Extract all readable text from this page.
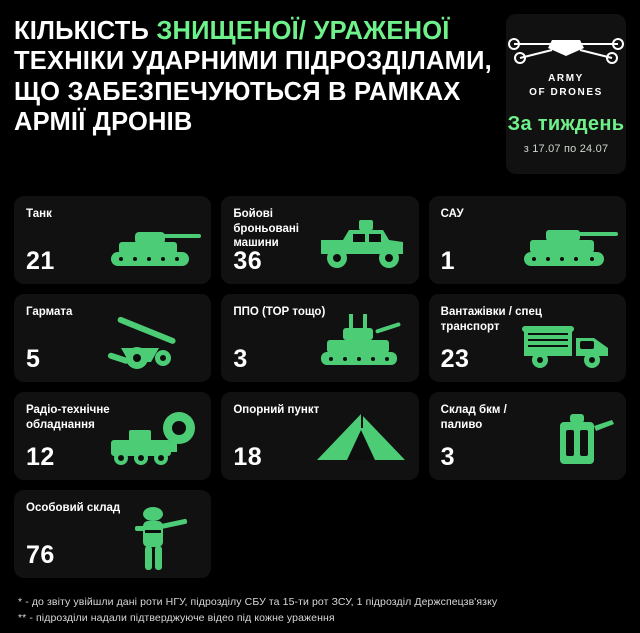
КІЛЬКІСТЬ ЗНИЩЕНОЇ/ УРАЖЕНОЇ ТЕХНІКИ УДАРНИМИ ПІДРОЗДІЛАМИ, ЩО ЗАБЕЗПЕЧУЮТЬСЯ В РАМКАХ АРМІЇ ДРОНІВ
ARMY
OF DRONES
За тиждень
з 17.07 по 24.07
Танк
21
Бойові броньовані машини
36
САУ
1
Гармата
5
ППО (ТОР тощо)
3
Вантажівки / спец транспорт
23
Радіо-технічне обладнання
12
Опорний пункт
18
Склад бкм / паливо
3
Особовий склад
76
* - до звіту увійшли дані роти НГУ, підрозділу СБУ та 15-ти рот ЗСУ, 1 підрозділ Держспецзв'язку
** - підрозділи надали підтверджуюче відео під кожне ураження
